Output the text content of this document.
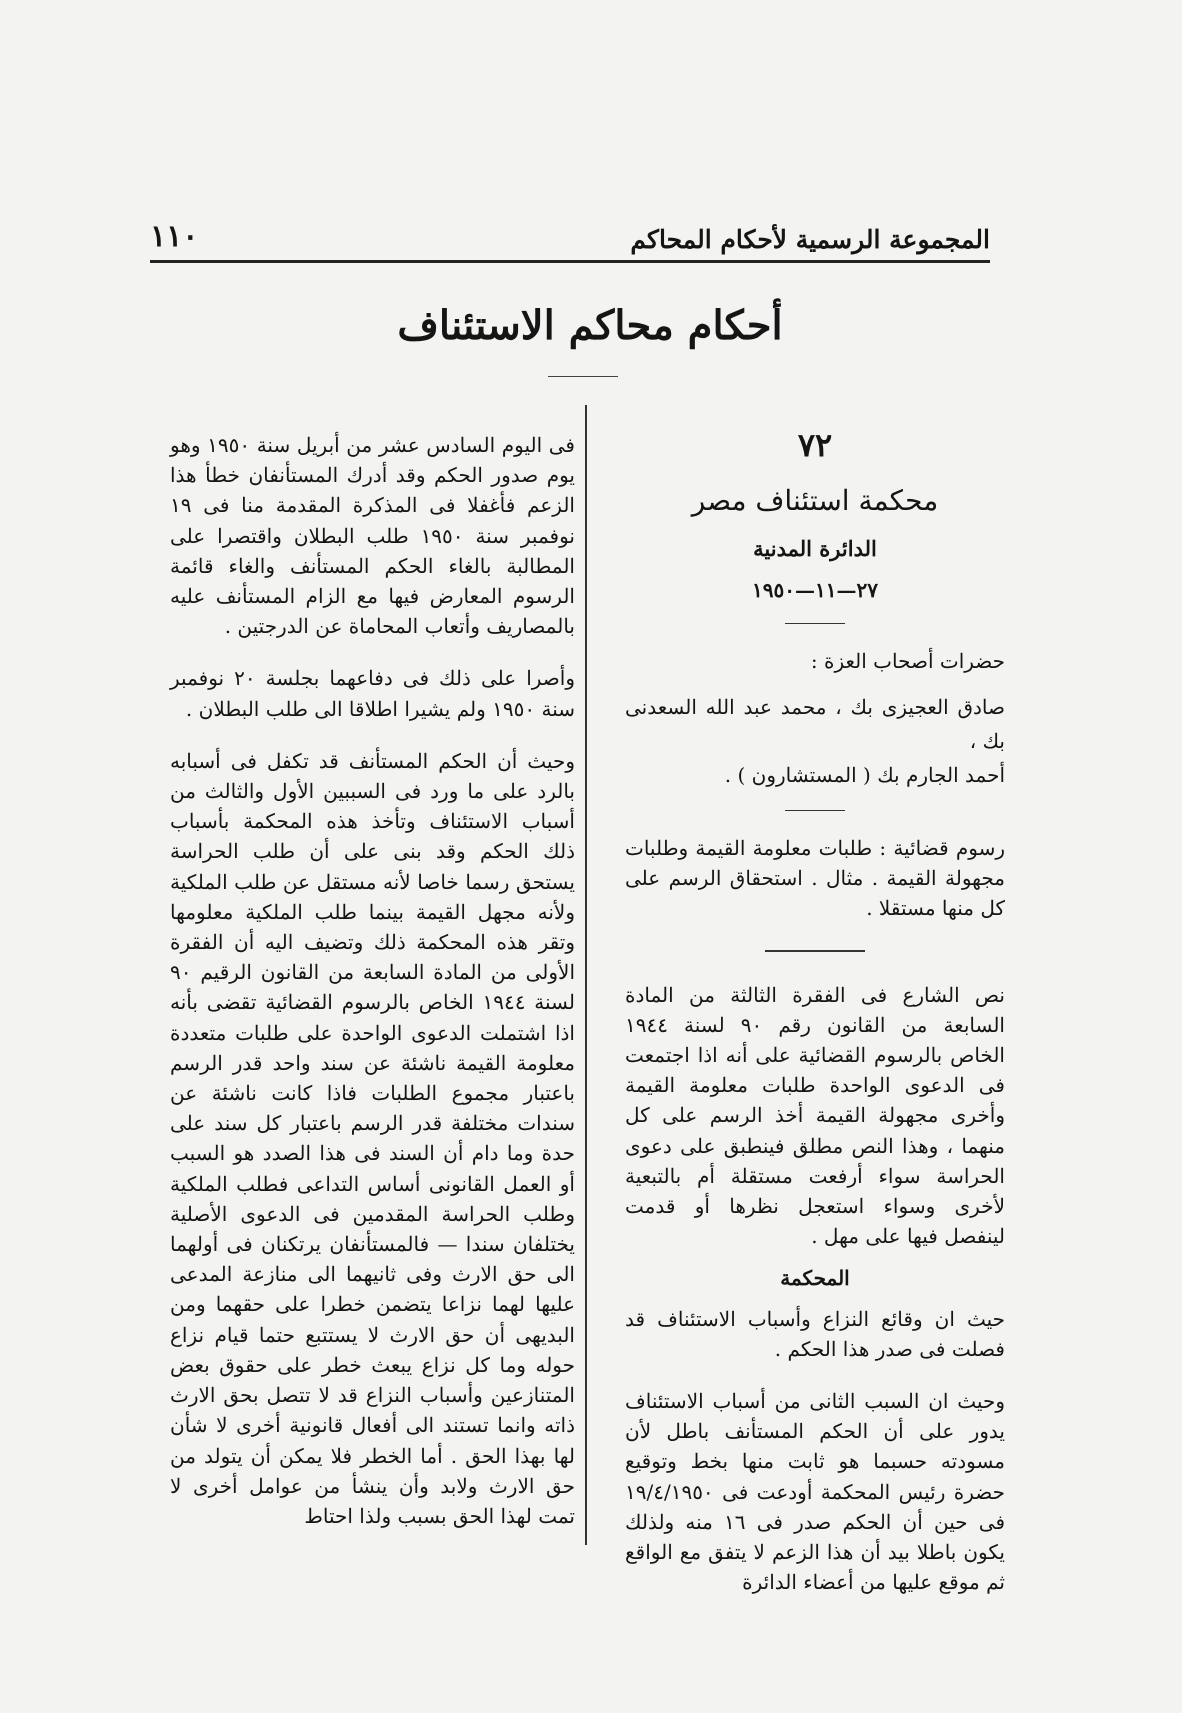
١١٠	المجموعة الرسمية لأحكام المحاكم
أحكام محاكم الاستئناف

٧٢

محكمة استئناف مصر

الدائرة المدنية

٢٧—١١—١٩٥٠

حضرات أصحاب العزة :

صادق العجيزى بك ، محمد عبد الله السعدنى بك ،

أحمد الجارم بك ( المستشارون ) .

رسوم قضائية : طلبات معلومة القيمة وطلبات مجهولة القيمة . مثال . استحقاق الرسم على كل منها مستقلا .

نص الشارع فى الفقرة الثالثة من المادة السابعة من القانون رقم ٩٠ لسنة ١٩٤٤ الخاص بالرسوم القضائية على أنه اذا اجتمعت فى الدعوى الواحدة طلبات معلومة القيمة وأخرى مجهولة القيمة أخذ الرسم على كل منهما ، وهذا النص مطلق فينطبق على دعوى الحراسة سواء أرفعت مستقلة أم بالتبعية لأخرى وسواء استعجل نظرها أو قدمت لينفصل فيها على مهل .

المحكمة

حيث ان وقائع النزاع وأسباب الاستئناف قد فصلت فى صدر هذا الحكم .

وحيث ان السبب الثانى من أسباب الاستئناف يدور على أن الحكم المستأنف باطل لأن مسودته حسبما هو ثابت منها بخط وتوقيع حضرة رئيس المحكمة أودعت فى ١٩/٤/١٩٥٠ فى حين أن الحكم صدر فى ١٦ منه ولذلك يكون باطلا بيد أن هذا الزعم لا يتفق مع الواقع ثم موقع عليها من أعضاء الدائرة

فى اليوم السادس عشر من أبريل سنة ١٩٥٠ وهو يوم صدور الحكم وقد أدرك المستأنفان خطأ هذا الزعم فأغفلا فى المذكرة المقدمة منا فى ١٩ نوفمبر سنة ١٩٥٠ طلب البطلان واقتصرا على المطالبة بالغاء الحكم المستأنف والغاء قائمة الرسوم المعارض فيها مع الزام المستأنف عليه بالمصاريف وأتعاب المحاماة عن الدرجتين .

وأصرا على ذلك فى دفاعهما بجلسة ٢٠ نوفمبر سنة ١٩٥٠ ولم يشيرا اطلاقا الى طلب البطلان .

وحيث أن الحكم المستأنف قد تكفل فى أسبابه بالرد على ما ورد فى السببين الأول والثالث من أسباب الاستئناف وتأخذ هذه المحكمة بأسباب ذلك الحكم وقد بنى على أن طلب الحراسة يستحق رسما خاصا لأنه مستقل عن طلب الملكية ولأنه مجهل القيمة بينما طلب الملكية معلومها وتقر هذه المحكمة ذلك وتضيف اليه أن الفقرة الأولى من المادة السابعة من القانون الرقيم ٩٠ لسنة ١٩٤٤ الخاص بالرسوم القضائية تقضى بأنه اذا اشتملت الدعوى الواحدة على طلبات متعددة معلومة القيمة ناشئة عن سند واحد قدر الرسم باعتبار مجموع الطلبات فاذا كانت ناشئة عن سندات مختلفة قدر الرسم باعتبار كل سند على حدة وما دام أن السند فى هذا الصدد هو السبب أو العمل القانونى أساس التداعى فطلب الملكية وطلب الحراسة المقدمين فى الدعوى الأصلية يختلفان سندا — فالمستأنفان يرتكنان فى أولهما الى حق الارث وفى ثانيهما الى منازعة المدعى عليها لهما نزاعا يتضمن خطرا على حقهما ومن البديهى أن حق الارث لا يستتبع حتما قيام نزاع حوله وما كل نزاع يبعث خطر على حقوق بعض المتنازعين وأسباب النزاع قد لا تتصل بحق الارث ذاته وانما تستند الى أفعال قانونية أخرى لا شأن لها بهذا الحق . أما الخطر فلا يمكن أن يتولد من حق الارث ولابد وأن ينشأ من عوامل أخرى لا تمت لهذا الحق بسبب ولذا احتاط
